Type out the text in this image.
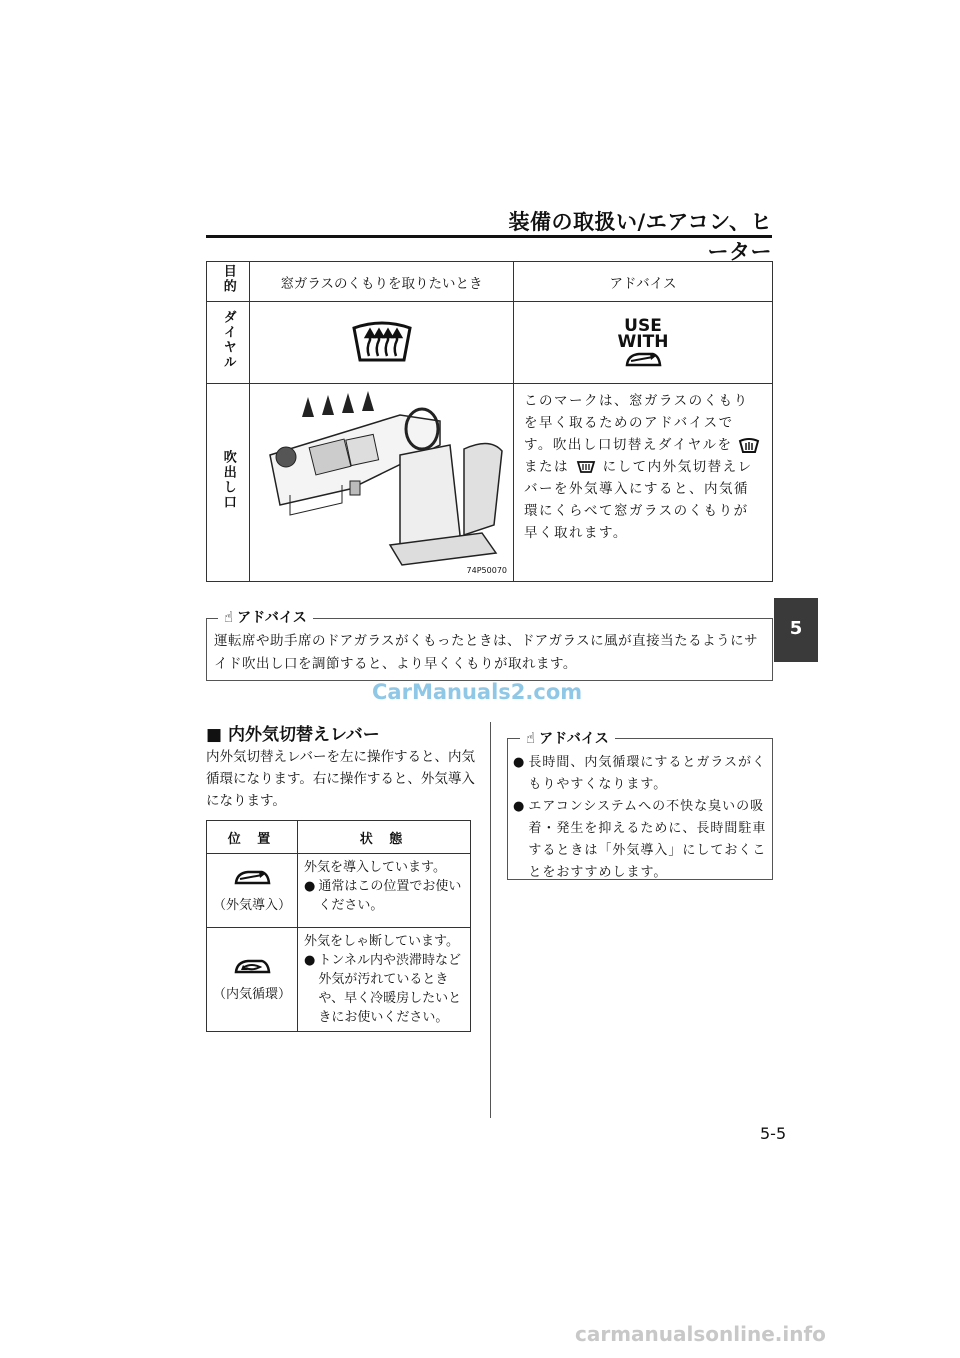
装備の取扱い/エアコン、ヒーター
5
目的	窓ガラスのくもりを取りたいとき	アドバイス
ダイヤル		USE
WITH

吹出し口	74P50070	このマークは、窓ガラスのくもりを早く取るためのアドバイスです。吹出し口切替えダイヤルを  または にして内外気切替えレバーを外気導入にすると、内気循環にくらべて窓ガラスのくもりが早く取れます。
☝ アドバイス
運転席や助手席のドアガラスがくもったときは、ドアガラスに風が直接当たるようにサイド吹出し口を調節すると、より早くくもりが取れます。
CarManuals2.com
■ 内外気切替えレバー
内外気切替えレバーを左に操作すると、内気循環になります。右に操作すると、外気導入になります。
位 置	状 態

（外気導入）	外気を導入しています。
● 通常はこの位置でお使いください。

（内気循環）	外気をしゃ断しています。
● トンネル内や渋滞時など外気が汚れているときや、早く冷暖房したいときにお使いください。
☝ アドバイス
● 長時間、内気循環にするとガラスがくもりやすくなります。
● エアコンシステムへの不快な臭いの吸着・発生を抑えるために、長時間駐車するときは「外気導入」にしておくことをおすすめします。
5-5
carmanualsonline.info
